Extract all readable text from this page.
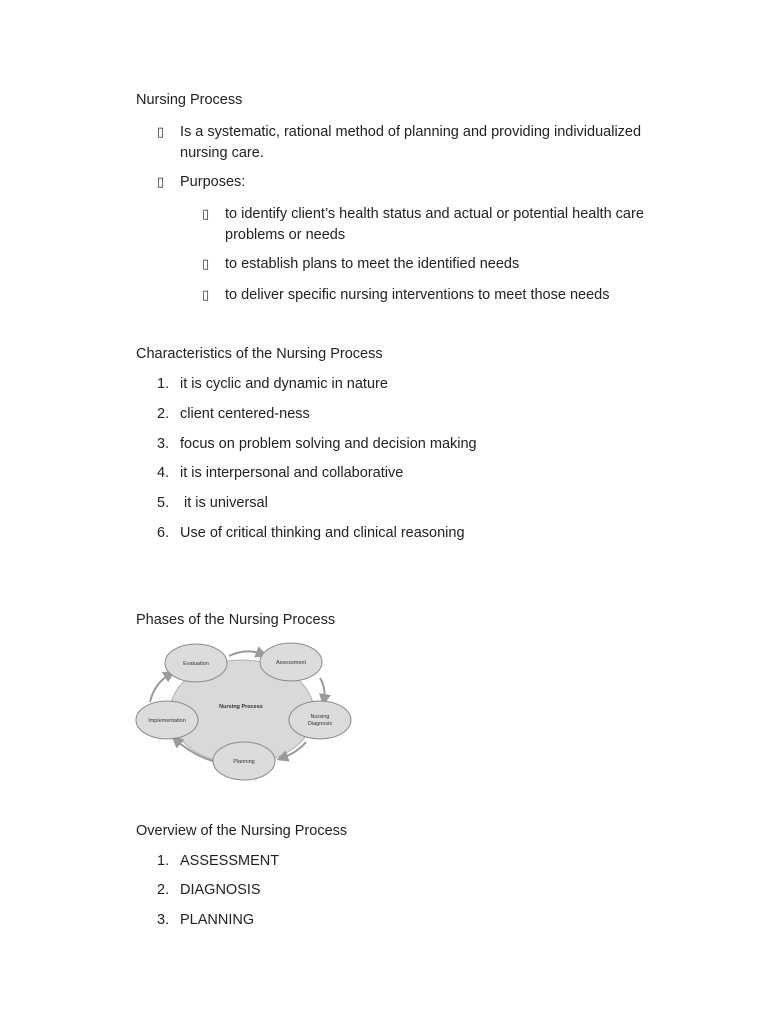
Nursing Process
▯ Is a systematic, rational method of planning and providing individualized
nursing care.
▯ Purposes:
▯ to identify client’s health status and actual or potential health care
problems or needs
▯ to establish plans to meet the identified needs
▯ to deliver specific nursing interventions to meet those needs
Characteristics of the Nursing Process
1. it is cyclic and dynamic in nature
2. client centered-ness
3. focus on problem solving and decision making
4. it is interpersonal and collaborative
5. it is universal
6. Use of critical thinking and clinical reasoning
Phases of the Nursing Process
Evaluation	Assessment
Nursing
Diagnosis
Implementation
Planning
Nursing Process
Overview of the Nursing Process
1. ASSESSMENT
2. DIAGNOSIS
3. PLANNING
